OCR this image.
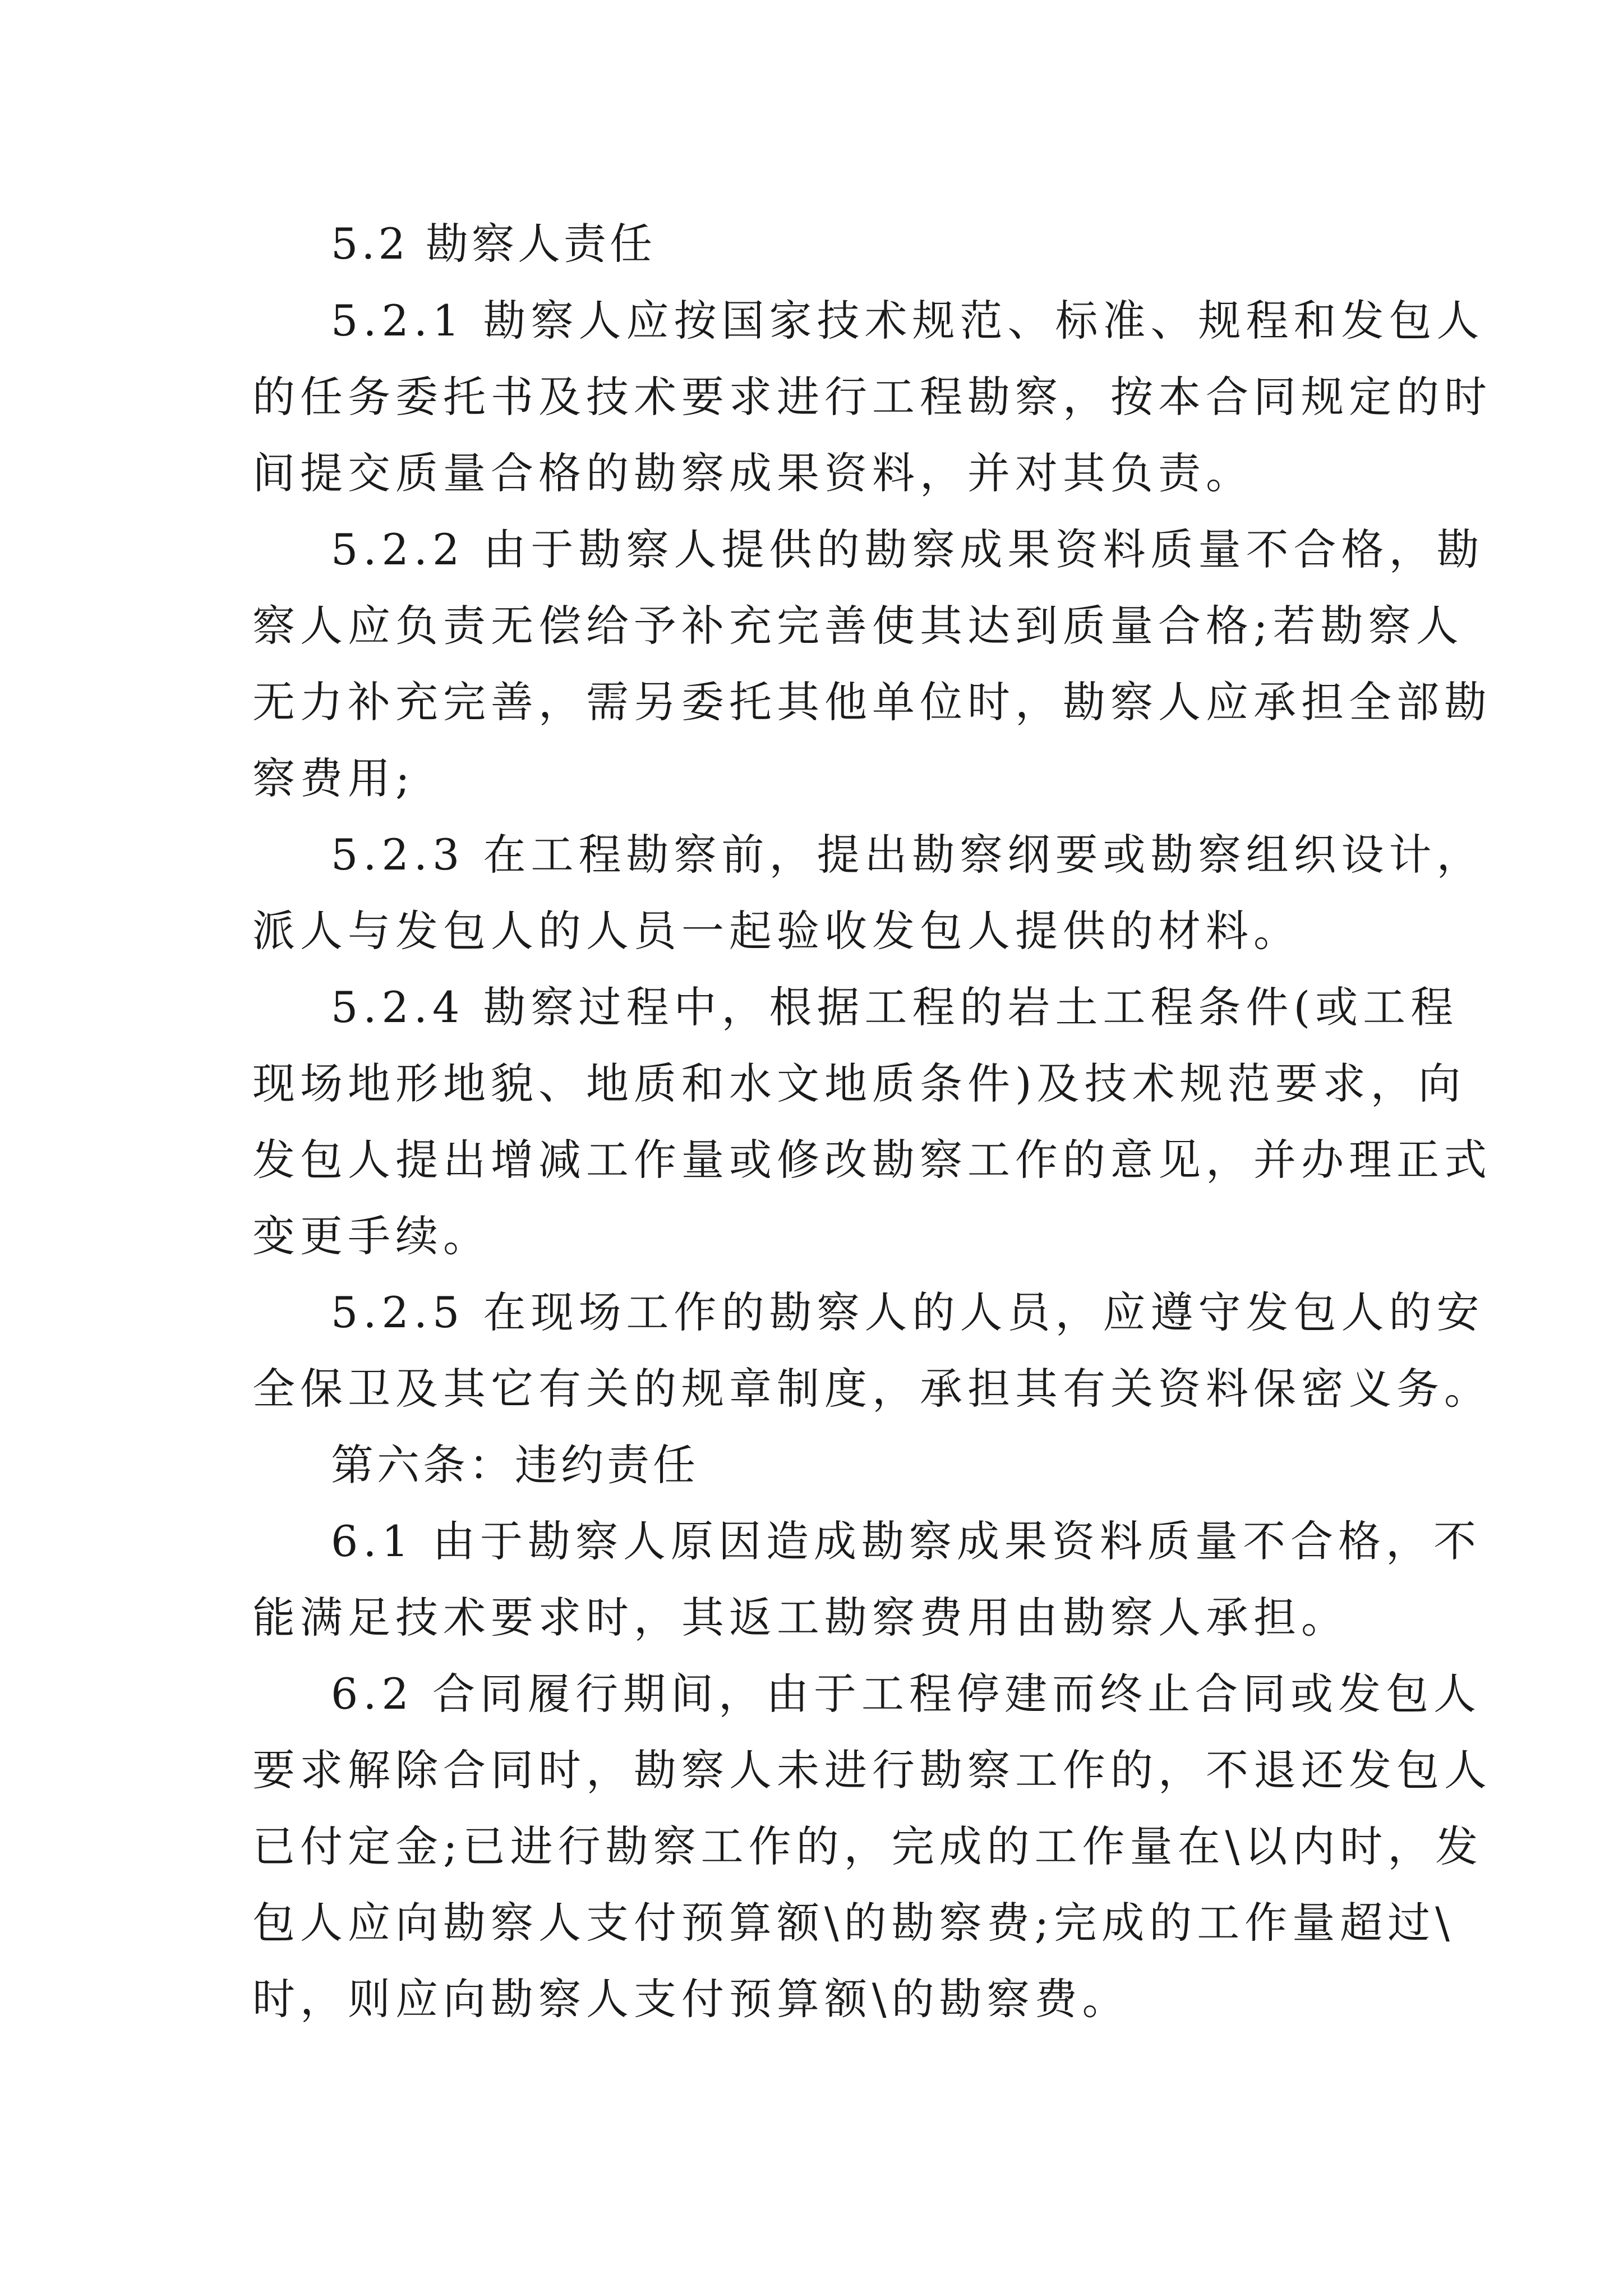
5.2 勘察人责任
5.2.1 勘察人应按国家技术规范、标准、规程和发包人
的任务委托书及技术要求进行工程勘察，按本合同规定的时
间提交质量合格的勘察成果资料，并对其负责。
5.2.2 由于勘察人提供的勘察成果资料质量不合格，勘
察人应负责无偿给予补充完善使其达到质量合格;若勘察人
无力补充完善，需另委托其他单位时，勘察人应承担全部勘
察费用;
5.2.3 在工程勘察前，提出勘察纲要或勘察组织设计，
派人与发包人的人员一起验收发包人提供的材料。
5.2.4 勘察过程中，根据工程的岩土工程条件(或工程
现场地形地貌、地质和水文地质条件)及技术规范要求，向
发包人提出增减工作量或修改勘察工作的意见，并办理正式
变更手续。
5.2.5 在现场工作的勘察人的人员，应遵守发包人的安
全保卫及其它有关的规章制度，承担其有关资料保密义务。
第六条：违约责任
6.1 由于勘察人原因造成勘察成果资料质量不合格，不
能满足技术要求时，其返工勘察费用由勘察人承担。
6.2 合同履行期间，由于工程停建而终止合同或发包人
要求解除合同时，勘察人未进行勘察工作的，不退还发包人
已付定金;已进行勘察工作的，完成的工作量在\以内时，发
包人应向勘察人支付预算额\的勘察费;完成的工作量超过\
时，则应向勘察人支付预算额\的勘察费。
